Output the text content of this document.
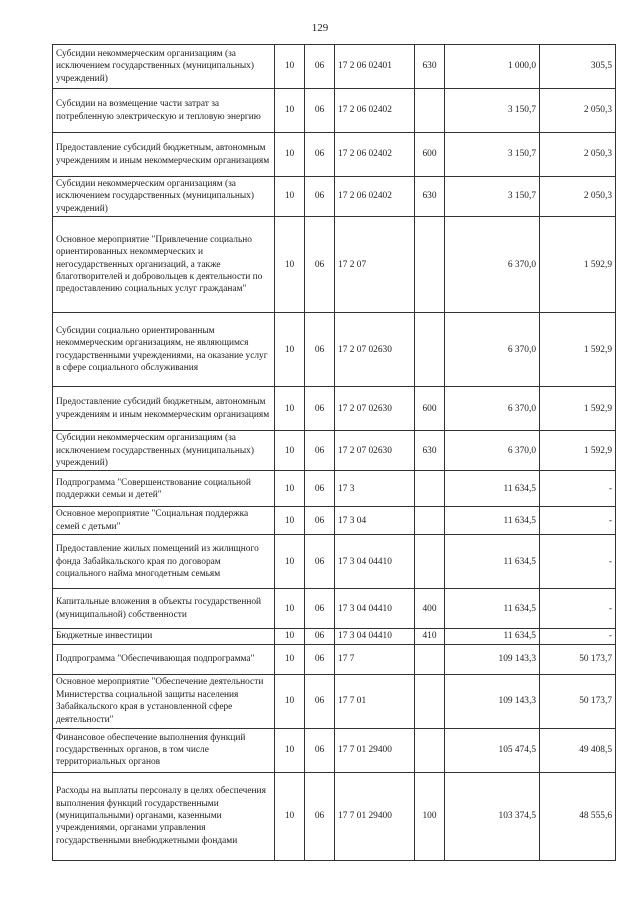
129
Субсидии некоммерческим организациям (за исключением государственных (муниципальных) учреждений)	10	06	17 2 06 02401	630	1 000,0	305,5
Субсидии на возмещение части затрат за потребленную электрическую и тепловую энергию	10	06	17 2 06 02402		3 150,7	2 050,3
Предоставление субсидий бюджетным, автономным учреждениям и иным некоммерческим организациям	10	06	17 2 06 02402	600	3 150,7	2 050,3
Субсидии некоммерческим организациям (за исключением государственных (муниципальных) учреждений)	10	06	17 2 06 02402	630	3 150,7	2 050,3
Основное мероприятие "Привлечение социально ориентированных некоммерческих и негосударственных организаций, а также благотворителей и добровольцев к деятельности по предоставлению социальных услуг гражданам"	10	06	17 2 07		6 370,0	1 592,9
Субсидии социально ориентированным некоммерческим организациям, не являющимся государственными учреждениями, на оказание услуг в сфере социального обслуживания	10	06	17 2 07 02630		6 370,0	1 592,9
Предоставление субсидий бюджетным, автономным учреждениям и иным некоммерческим организациям	10	06	17 2 07 02630	600	6 370,0	1 592,9
Субсидии некоммерческим организациям (за исключением государственных (муниципальных) учреждений)	10	06	17 2 07 02630	630	6 370,0	1 592,9
Подпрограмма "Совершенствование социальной поддержки семьи и детей"	10	06	17 3		11 634,5	-
Основное мероприятие "Социальная поддержка семей с детьми"	10	06	17 3 04		11 634,5	-
Предоставление жилых помещений из жилищного фонда Забайкальского края по договорам социального найма многодетным семьям	10	06	17 3 04 04410		11 634,5	-
Капитальные вложения в объекты государственной (муниципальной) собственности	10	06	17 3 04 04410	400	11 634,5	-
Бюджетные инвестиции	10	06	17 3 04 04410	410	11 634,5	-
Подпрограмма "Обеспечивающая подпрограмма"	10	06	17 7		109 143,3	50 173,7
Основное мероприятие "Обеспечение деятельности Министерства социальной защиты населения Забайкальского края в установленной сфере деятельности"	10	06	17 7 01		109 143,3	50 173,7
Финансовое обеспечение выполнения функций государственных органов, в том числе территориальных органов	10	06	17 7 01 29400		105 474,5	49 408,5
Расходы на выплаты персоналу в целях обеспечения выполнения функций государственными (муниципальными) органами, казенными учреждениями, органами управления государственными внебюджетными фондами	10	06	17 7 01 29400	100	103 374,5	48 555,6
